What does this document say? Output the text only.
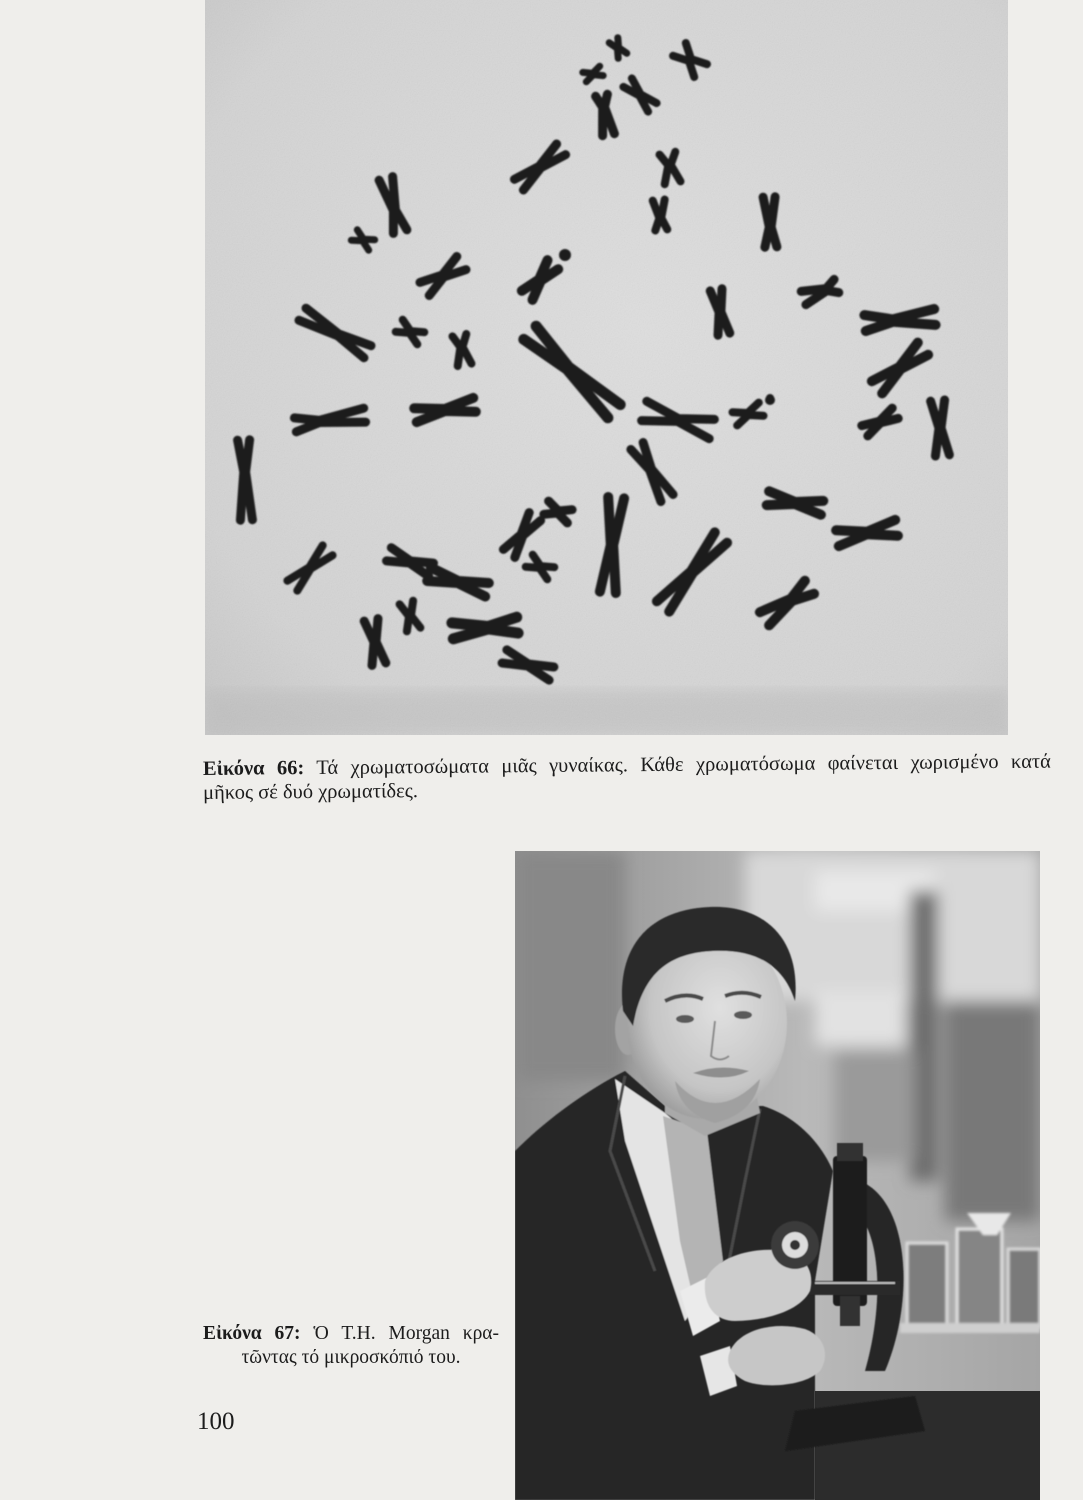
Εἰκόνα 66: Τά χρωματοσώματα μιᾶς γυναίκας. Κάθε χρωματόσωμα φαίνεται χωρισμένο κατά
μῆκος σέ δυό χρωματίδες.
Εἰκόνα 67: Ὁ Τ.Η. Morgan κρα-
τῶντας τό μικροσκόπιό του.
100
